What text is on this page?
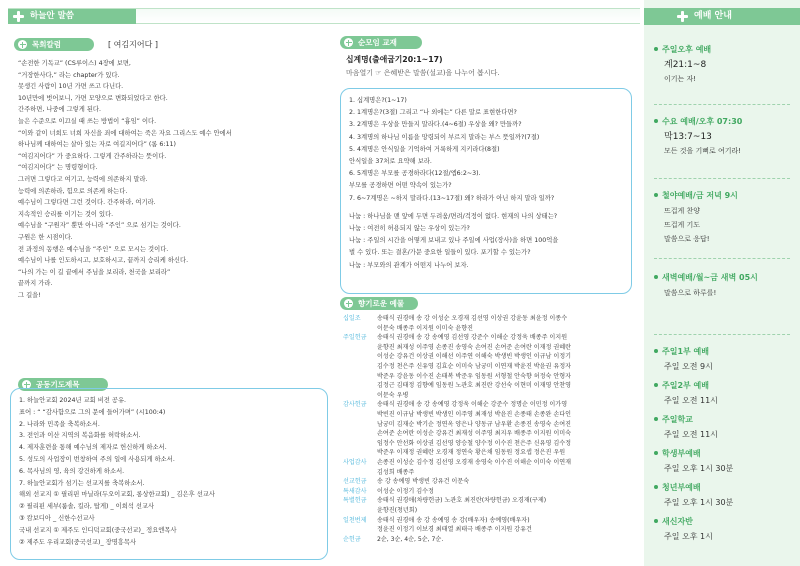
하늘안 말씀
목회칼럼	[ 여김지어다 ]
“손전한 기독교” (CS루이스) 4장에 보면,
“거장한사다,” 라는 chapter가 있다.
못생긴 사람이 10년 가면 쓰고 다닌다.
10년만에 벗어보니, 가면 모양으로 변화되었다고 한다.
간주하면, 나중에 그렇게 된다.
늘은 수준으로 이끄실 때 쓰는 방법이 “흉임” 이다.
“이와 같이 너희도 너희 자신을 죄에 대하여는 죽은 자요 그리스도 예수 안에서
하나님께 대하여는 살아 있는 자로 여길지어다” (롬 6:11)
“여김지어다” 가 중요하다. 그렇게 간주하라는 뜻이다.
“여김지어다” 는 명령형이다.
그러면 그렇다고 여기고, 능력에 의존하지 말라.
능력에 의존하라, 힘으로 의존케 하는다.
예수님이 그렇다면 그런 것이다. 간주하라, 여기라.
지속적인 승리를 이기는 것이 있다.
예수님을 “구원자” 뿐만 아니라 “주인” 으로 섬기는 것이다.
구원은 한 시점이다.
전 과정의 동행은 예수님을 “주인” 으로 모시는 것이다.
예수님이 나를 인도하시고, 보호하시고, 끝까지 승리케 하신다.
“나의 가는 이 길 끝에서 주님을 보리라, 천국을 보리라”
끝까지 가라.
그 길을!
공동기도제목
1. 하늘안교회 2024년 교회 비전 공유.
표어 : “ “감사함으로 그의 문에 들어가며” (시100:4)
2. 나라와 민족을 축복하소서.
3. 전인과 이산 지역의 복음화를 허락하소서.
4. 제자훈련을 통해 예수님의 제자로 헌신하게 하소서.
5. 성도의 사업장이 번창하여 주의 일에 사용되게 하소서.
6. 목사님의 영, 육의 강건하게 하소서.
7. 하늘안교회가 섬기는 선교지를 축복하소서.
해외 선교지 ① 필리핀 마닐라(두오이교회, 롱상한교회) _ 김은후 선교사
② 필리핀 세부(룸솔, 킬라, 탑게) _ 이희석 선교사
③ 캄보디아 _ 신한수선교사
국내 선교지 ① 제주도 인디덕교회(중국선교)_ 정요엔목사
② 제주도 우리교회(중국선교)_ 장명흥목사
순모임 교재
십계명(출애굽기20:1~17)
마음열기 ☞ 은혜받은 말씀(설교)을 나누어 봅시다.
1. 십계명은?(1~17)
2. 1계명은?(3절) 그리고 “나 외에는” 다른 말로 표현한다면?
3. 2계명은 우상을 만들지 말라다.(4~6절) 우상을 왜? 만들까?
4. 3계명의 하나님 이름을 망령되이 부르지 말라는 부스 뜻일까?(7절)
5. 4계명은 안식일을 기억하여 거룩하게 지키라다(8절)
안식일을 37처로 요약해 보라.
6. 5계명은 부모를 공경하라다(12절/엡6:2~3).
부모를 공경하면 어떤 약속이 있는가?
7. 6~7계명은 ~하지 말라다.(13~17절) 왜? 하라가 아닌 하지 말라 일까?
나눔 : 하나님을 맨 앞에 두면 두려움/면려/걱정이 없다. 현재의 나의 상태는?
나눔 : 여전히 허용되지 않는 우상이 있는가?
나눔 : 주일의 시간을 어떻게 보내고 있나 주일에 사업(장사)을 하면 100억을
벌 수 있다. 또는 결혼/가문 중요한 일들이 있다. 포기할 수 있는가?
나눔 : 부모와의 관계가 어떤지 나누어 보자.
향기로운 예물
십일조	송태식 권경애 송 강 이성순 오경재 김선영 이상권 강윤동 최윤정 이종수
이문숙 배종주 이지원 이미숙 윤향진
주일헌금	송태식 권경애 송 강 송예영 김선영 강준수 이해순 강정욱 배종주 이지원
윤향진 최재성 이주영 손종진 송영숙 손여진 손여준 손여란 이재정 권혜란
이성순 강유건 이상권 이해선 이주연 이해숙 박생빈 박생인 이규남 이정기
김수정 천은주 신유영 김효순 이미숙 남궁미 이연재 박윤진 박윤권 유정자
박준우 강윤동 이수진 손태복 박준우 임동원 서형철 안숙향 허정숙 안형자
김정근 김태정 김향예 임동원 노관호 최진란 강선숙 이현미 이재영 안찬영
이문숙 우병
감사헌금	송태식 권경애 송 강 송예영 강정욱 이해순 강준수 정명순 이민정 이가영
박빈진 이규남 박생빈 박생인 이주영 최재성 박윤진 손종태 손종완 손다인
남궁미 김재순 박기순 정연옥 양은나 양동규 남우환 손종진 송영숙 손여진
손여준 손여란 이성순 강유건 최재성 이주영 최지우 배종주 이지원 이미숙
임정수 안선화 이상권 김선영 양승철 양수정 이수진 천은주 신유영 김수정
박준우 이재정 권혜란 오경재 정연숙 황은채 임동원 정요셉 정은진 우원
사업감사	손종진 이성순 김수정 김선영 오경재 송영숙 이수진 이해순 이미숙 이연재
김성희 배종주
선교헌금	송 강 송예영 박생빈 강유건 이문숙
특새감사	이성순 이정기 김수정
특별헌금	송태식 권경애(차량헌금) 노관호 최진란(차량헌금) 오경재(구제)
윤향진(청년회)
일천번제	송태식 권경애 송 강 송예영 송 강(배우자) 송예영(배우자)
정윤진 이정기 이보경 최태열 최태극 배종주 이지원 강유건
순헌금	2순, 3순, 4순, 5순, 7순.
예배 안내
주일오후 예배
계21:1~8
이기는 자!
수요 예배/오후 07:30
막13:7~13
모든 것을 기뻐로 여기라!
철야예배/금 저녁 9시
뜨겁게 찬양
뜨겁게 기도
말씀으로 응답!
새벽예배/월~금 새벽 05시
말씀으로 하루를!
주일1부 예배
주일 오전 9시
주일2부 예배
주일 오전 11시
주일학교
주일 오전 11시
학생부예배
주일 오후 1시 30분
청년부예배
주일 오후 1시 30분
새신자반
주일 오후 1시
